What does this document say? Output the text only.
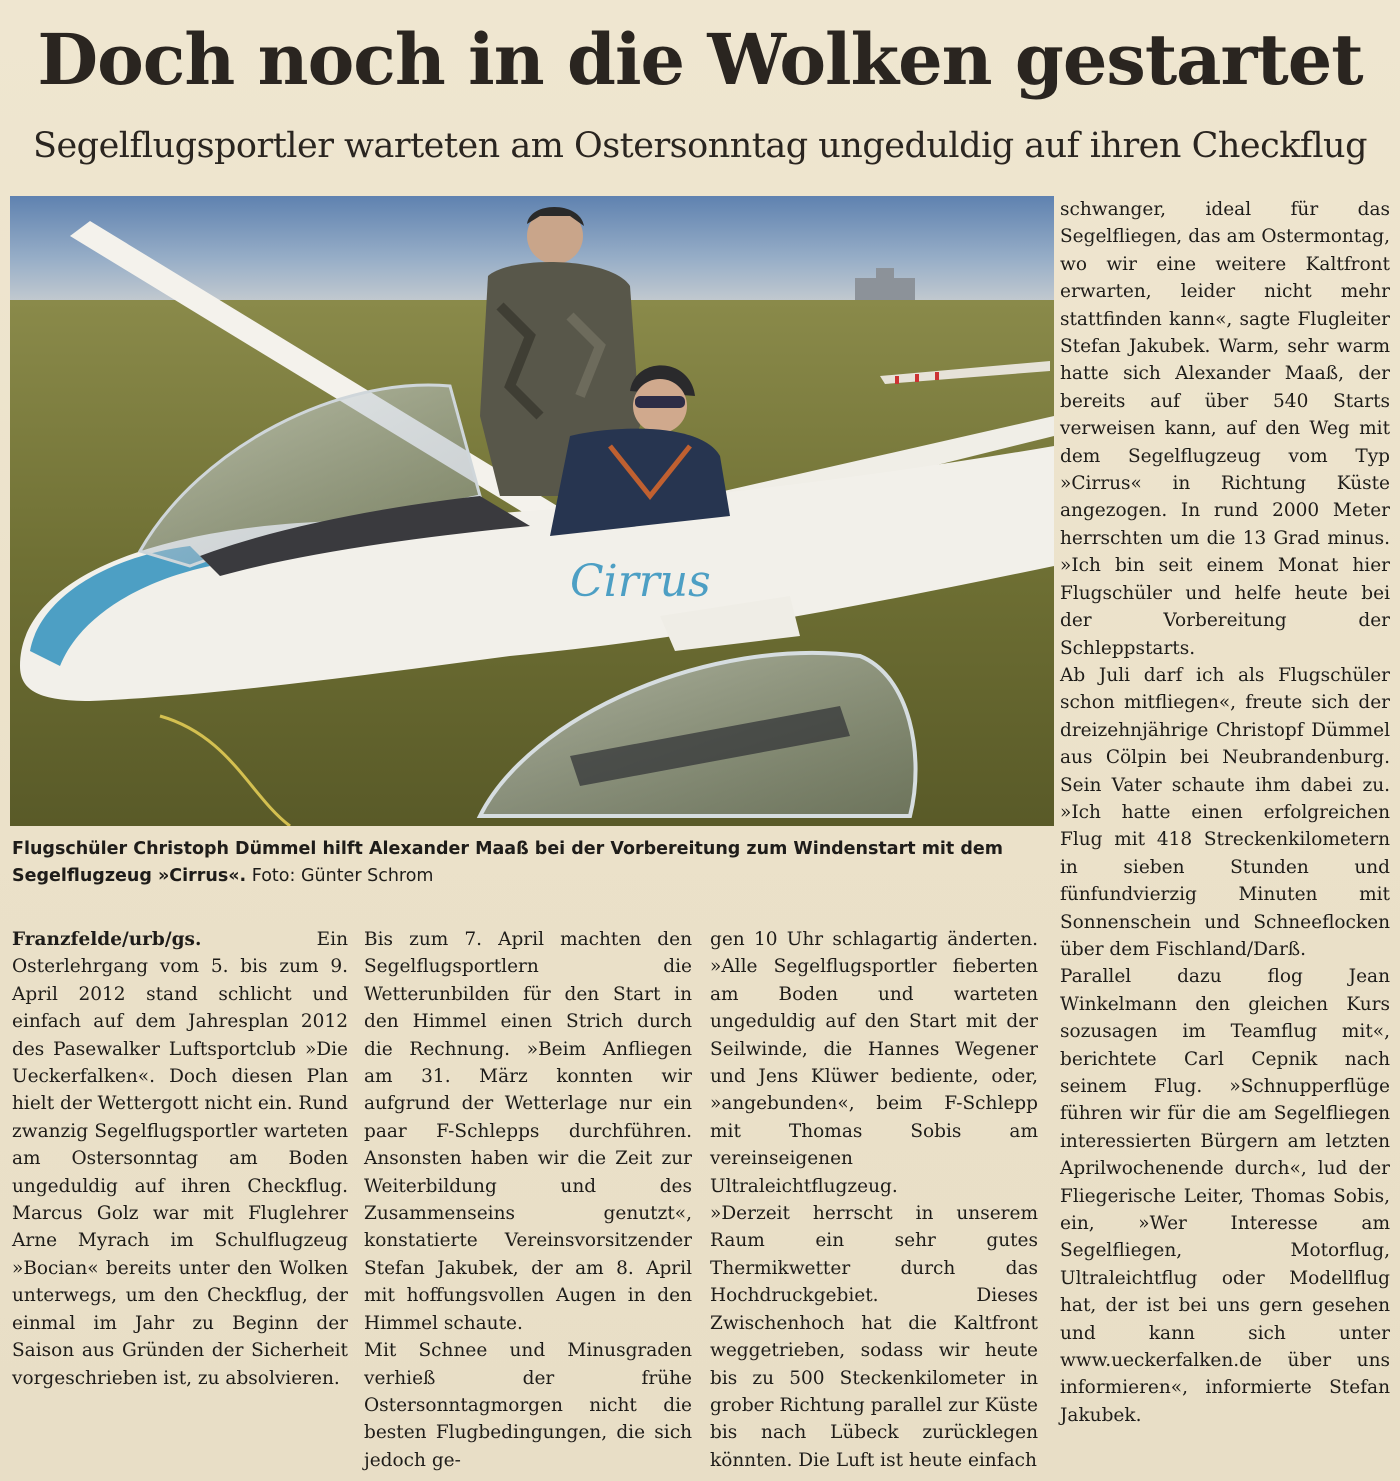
Doch noch in die Wolken gestartet
Segelflugsportler warteten am Ostersonntag ungeduldig auf ihren Checkflug
Cirrus
Flugschüler Christoph Dümmel hilft Alexander Maaß bei der Vorbereitung zum Windenstart mit dem Segelflugzeug »Cirrus«. Foto: Günter Schrom

Franzfelde/urb/gs.	Ein Osterlehrgang vom 5. bis zum 9. April 2012 stand schlicht und einfach auf dem Jahresplan 2012 des Pasewalker Luftsportclub »Die Ueckerfalken«. Doch diesen Plan hielt der Wettergott nicht ein. Rund zwanzig Segelflugsportler warteten am Ostersonntag am Boden ungeduldig auf ihren Checkflug. Marcus Golz war mit Fluglehrer Arne Myrach im Schulflugzeug »Bocian« bereits unter den Wolken unterwegs, um den Checkflug, der einmal im Jahr zu Beginn der Saison aus Gründen der Sicherheit vorgeschrieben ist, zu absolvieren.

Bis zum 7. April machten den Segelflugsportlern die Wetterunbilden für den Start in den Himmel einen Strich durch die Rechnung. »Beim Anfliegen am 31. März konnten wir aufgrund der Wetterlage nur ein paar F-Schlepps durchführen. Ansonsten haben wir die Zeit zur Weiterbildung und des Zusammenseins genutzt«, konstatierte Vereinsvorsitzender Stefan Jakubek, der am 8. April mit hoffungsvollen Augen in den Himmel schaute.

Mit Schnee und Minusgraden verhieß der frühe Ostersonntagmorgen nicht die besten Flugbedingungen, die sich jedoch ge-

gen 10 Uhr schlagartig änderten. »Alle Segelflugsportler fieberten am Boden und warteten ungeduldig auf den Start mit der Seilwinde, die Hannes Wegener und Jens Klüwer bediente, oder, »angebunden«, beim F-Schlepp mit Thomas Sobis am vereinseigenen Ultraleichtflugzeug.

»Derzeit herrscht in unserem Raum ein sehr gutes Thermikwetter durch das Hochdruckgebiet. Dieses Zwischenhoch hat die Kaltfront weggetrieben, sodass wir heute bis zu 500 Steckenkilometer in grober Richtung parallel zur Küste bis nach Lübeck zurücklegen könnten. Die Luft ist heute einfach

schwanger, ideal für das Segelfliegen, das am Ostermontag, wo wir eine weitere Kaltfront erwarten, leider nicht mehr stattfinden kann«, sagte Flugleiter Stefan Jakubek. Warm, sehr warm hatte sich Alexander Maaß, der bereits auf über 540 Starts verweisen kann, auf den Weg mit dem Segelflugzeug vom Typ »Cirrus« in Richtung Küste angezogen. In rund 2000 Meter herrschten um die 13 Grad minus. »Ich bin seit einem Monat hier Flugschüler und helfe heute bei der Vorbereitung der Schleppstarts.

Ab Juli darf ich als Flugschüler schon mitfliegen«, freute sich der dreizehnjährige Christopf Dümmel aus Cölpin bei Neubrandenburg. Sein Vater schaute ihm dabei zu. »Ich hatte einen erfolgreichen Flug mit 418 Streckenkilometern in sieben Stunden und fünfundvierzig Minuten mit Sonnenschein und Schneeflocken über dem Fischland/Darß.

Parallel dazu flog Jean Winkelmann den gleichen Kurs sozusagen im Teamflug mit«, berichtete Carl Cepnik nach seinem Flug. »Schnupperflüge führen wir für die am Segelfliegen interessierten Bürgern am letzten Aprilwochenende durch«, lud der Fliegerische Leiter, Thomas Sobis, ein, »Wer Interesse am Segelfliegen, Motorflug, Ultraleichtflug oder Modellflug hat, der ist bei uns gern gesehen und kann sich unter www.ueckerfalken.de über uns informieren«, informierte Stefan Jakubek.
